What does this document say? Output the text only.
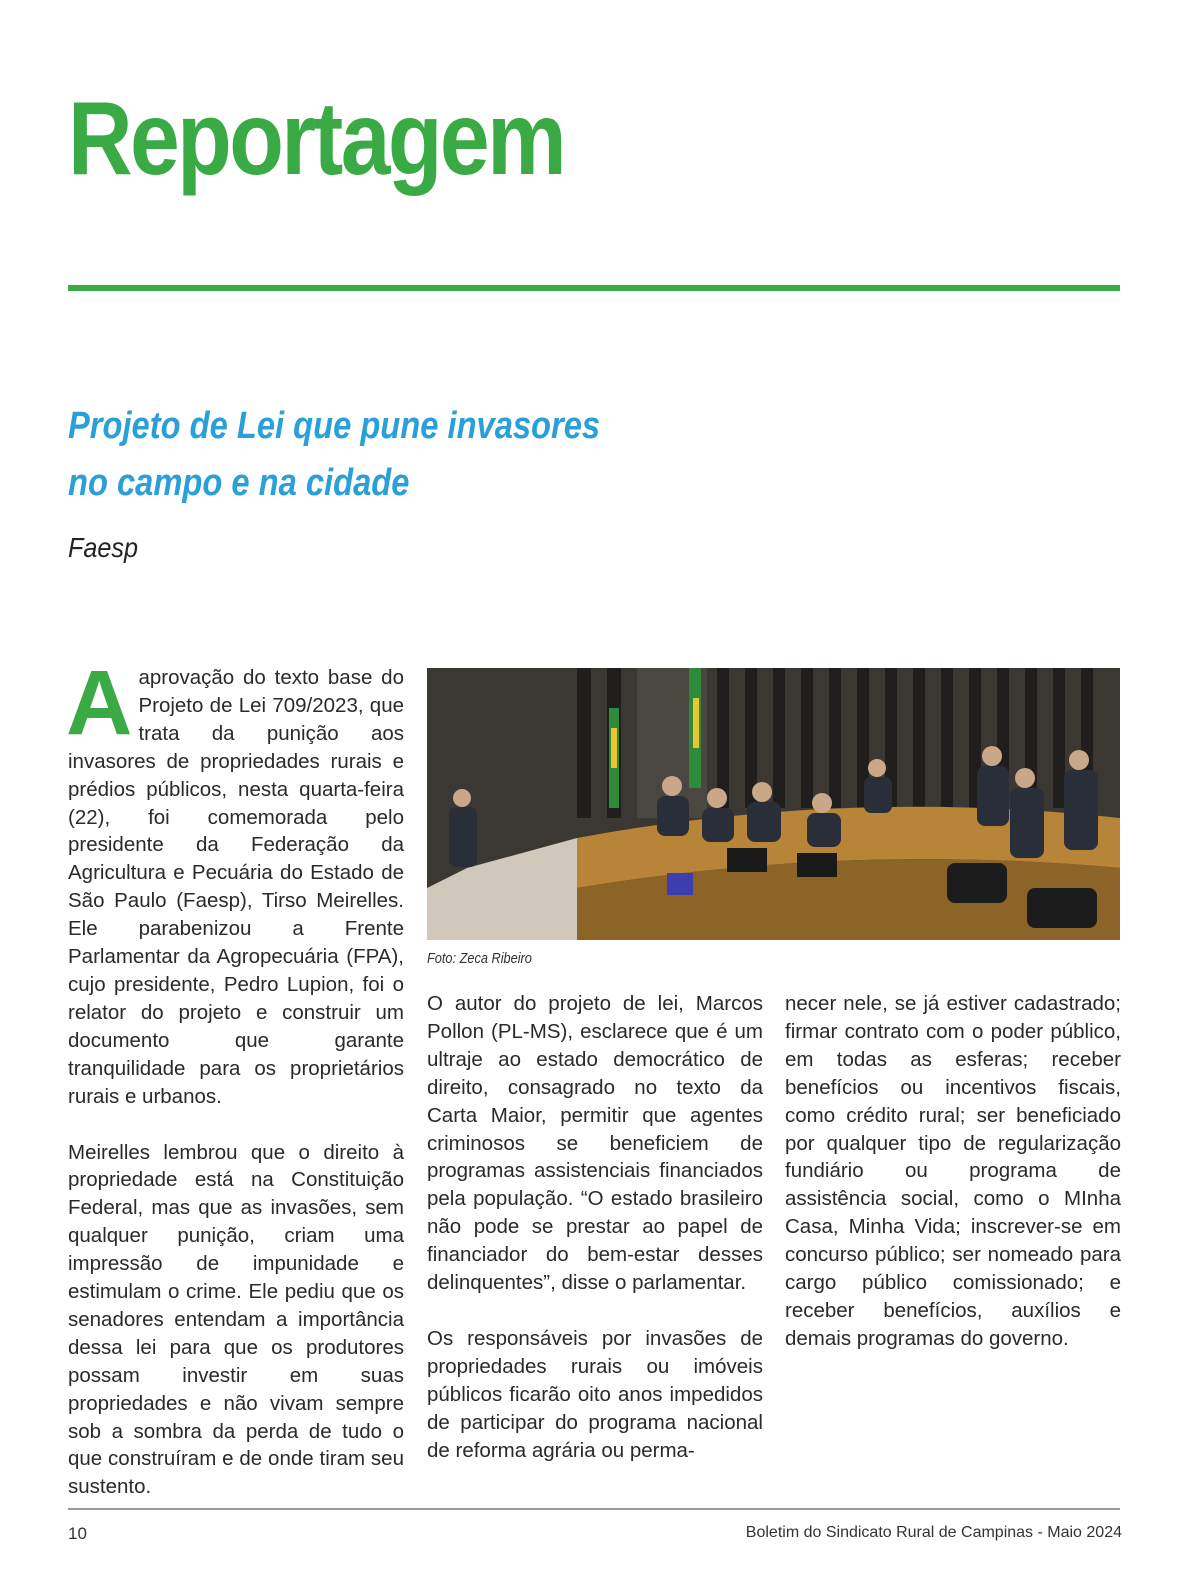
Reportagem
Projeto de Lei que pune invasores
no campo e na cidade
Faesp

Aaprovação do texto base do Projeto de Lei 709/2023, que trata da punição aos invasores de propriedades rurais e prédios públicos, nesta quarta-feira (22), foi comemorada pelo presidente da Federação da Agricultura e Pecuária do Estado de São Paulo (Faesp), Tirso Meirelles. Ele parabenizou a Frente Parlamentar da Agropecuária (FPA), cujo presidente, Pedro Lupion, foi o relator do projeto e construir um documento que garante tranquilidade para os proprietários rurais e urbanos.

Meirelles lembrou que o direito à propriedade está na Constituição Federal, mas que as invasões, sem qualquer punição, criam uma impressão de impunidade e estimulam o crime. Ele pediu que os senadores entendam a importância dessa lei para que os produtores possam investir em suas propriedades e não vivam sempre sob a sombra da perda de tudo o que construíram e de onde tiram seu sustento.

Foto: Zeca Ribeiro

O autor do projeto de lei, Marcos Pollon (PL-MS), esclarece que é um ultraje ao estado democrático de direito, consagrado no texto da Carta Maior, permitir que agentes criminosos se beneficiem de programas assistenciais financiados pela população. “O estado brasileiro não pode se prestar ao papel de financiador do bem-estar desses delinquentes”, disse o parlamentar.

Os responsáveis por invasões de propriedades rurais ou imóveis públicos ficarão oito anos impedidos de participar do programa nacional de reforma agrária ou perma-

necer nele, se já estiver cadastrado; firmar contrato com o poder público, em todas as esferas; receber benefícios ou incentivos fiscais, como crédito rural; ser beneficiado por qualquer tipo de regularização fundiário ou programa de assistência social, como o MInha Casa, Minha Vida; inscrever-se em concurso público; ser nomeado para cargo público comissionado; e receber benefícios, auxílios e demais programas do governo.

10	Boletim do Sindicato Rural de Campinas - Maio 2024
